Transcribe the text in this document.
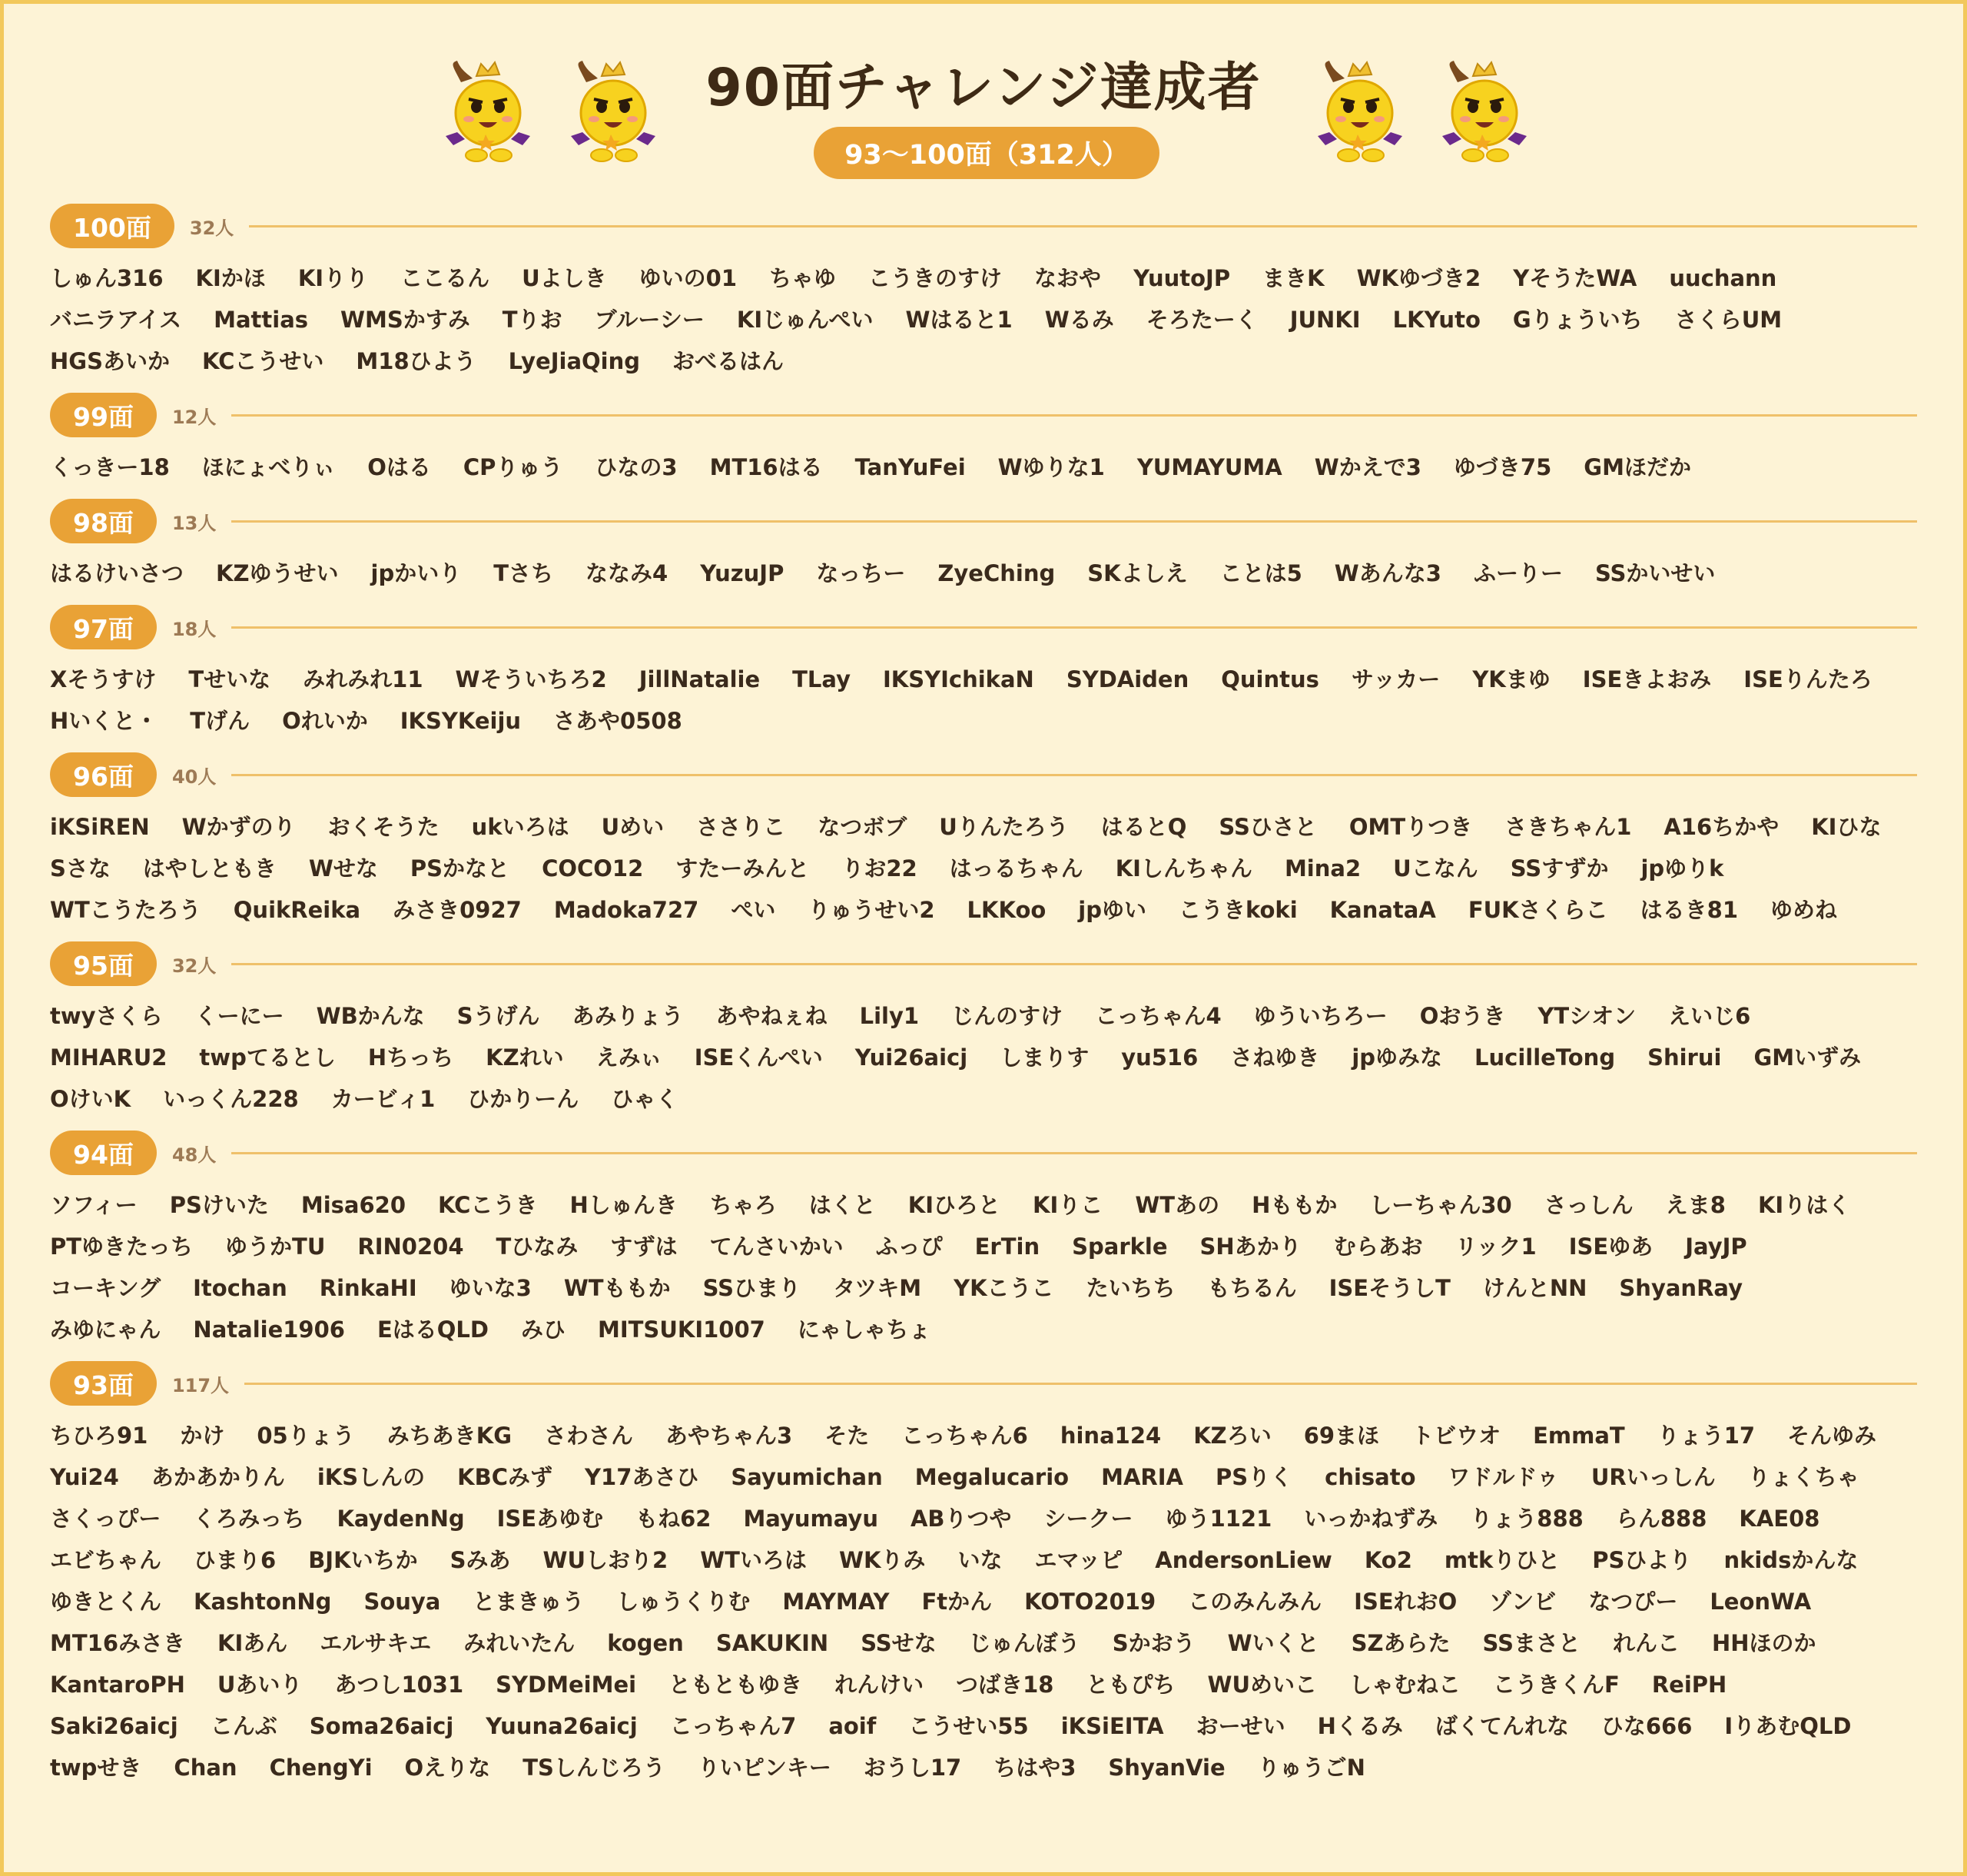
90面チャレンジ達成者
93〜100面（312人）
100面	32人
しゅん316 KIかほ KIりり ここるん Uよしき ゆいの01 ちゃゆ こうきのすけ なおや YuutoJP まきK WKゆづき2 YそうたWA uuchann
バニラアイス Mattias WMSかすみ Tりお ブルーシー KIじゅんぺい Wはると1 Wるみ そろたーく JUNKI LKYuto Gりょういち さくらUM
HGSあいか KCこうせい M18ひよう LyeJiaQing おべるはん
99面	12人
くっきー18 ほにょべりぃ Oはる CPりゅう ひなの3 MT16はる TanYuFei Wゆりな1 YUMAYUMA Wかえで3 ゆづき75 GMほだか
98面	13人
はるけいさつ KZゆうせい jpかいり Tさち ななみ4 YuzuJP なっちー ZyeChing SKよしえ ことは5 Wあんな3 ふーりー SSかいせい
97面	18人
Xそうすけ Tせいな みれみれ11 Wそういちろ2 JillNatalie TLay IKSYIchikaN SYDAiden Quintus サッカー YKまゆ ISEきよおみ ISEりんたろ
Hいくと・ Tげん Oれいか IKSYKeiju さあや0508
96面	40人
iKSiREN Wかずのり おくそうた ukいろは Uめい ささりこ なつボブ Uりんたろう はるとQ SSひさと OMTりつき さきちゃん1 A16ちかや KIひな
Sさな はやしともき Wせな PSかなと COCO12 すたーみんと りお22 はっるちゃん KIしんちゃん Mina2 Uこなん SSすずか jpゆりk
WTこうたろう QuikReika みさき0927 Madoka727 ぺい りゅうせい2 LKKoo jpゆい こうきkoki KanataA FUKさくらこ はるき81 ゆめね
95面	32人
twyさくら くーにー WBかんな Sうげん あみりょう あやねぇね Lily1 じんのすけ こっちゃん4 ゆういちろー Oおうき YTシオン えいじ6
MIHARU2 twpてるとし Hちっち KZれい えみぃ ISEくんぺい Yui26aicj しまりす yu516 さねゆき jpゆみな LucilleTong Shirui GMいずみ
OけいK いっくん228 カービィ1 ひかりーん ひゃく
94面	48人
ソフィー PSけいた Misa620 KCこうき Hしゅんき ちゃろ はくと KIひろと KIりこ WTあの Hももか しーちゃん30 さっしん えま8 KIりはく
PTゆきたっち ゆうかTU RIN0204 Tひなみ すずは てんさいかい ふっぴ ErTin Sparkle SHあかり むらあお リック1 ISEゆあ JayJP
コーキング Itochan RinkaHI ゆいな3 WTももか SSひまり タツキM YKこうこ たいちち もちるん ISEそうしT けんとNN ShyanRay
みゆにゃん Natalie1906 EはるQLD みひ MITSUKI1007 にゃしゃちょ
93面	117人
ちひろ91 かけ 05りょう みちあきKG さわさん あやちゃん3 そた こっちゃん6 hina124 KZろい 69まほ トビウオ EmmaT りょう17 そんゆみ
Yui24 あかあかりん iKSしんの KBCみず Y17あさひ Sayumichan Megalucario MARIA PSりく chisato ワドルドゥ URいっしん りょくちゃ
さくっぴー くろみっち KaydenNg ISEあゆむ もね62 Mayumayu ABりつや シークー ゆう1121 いっかねずみ りょう888 らん888 KAE08
エビちゃん ひまり6 BJKいちか Sみあ WUしおり2 WTいろは WKりみ いな エマッピ AndersonLiew Ko2 mtkりひと PSひより nkidsかんな
ゆきとくん KashtonNg Souya とまきゅう しゅうくりむ MAYMAY Ftかん KOTO2019 このみんみん ISEれおO ゾンビ なつぴー LeonWA
MT16みさき KIあん エルサキエ みれいたん kogen SAKUKIN SSせな じゅんぼう Sかおう Wいくと SZあらた SSまさと れんこ HHほのか
KantaroPH Uあいり あつし1031 SYDMeiMei ともともゆき れんけい つばき18 ともぴち WUめいこ しゃむねこ こうきくんF ReiPH
Saki26aicj こんぶ Soma26aicj Yuuna26aicj こっちゃん7 aoif こうせい55 iKSiEITA おーせい Hくるみ ばくてんれな ひな666 IりあむQLD
twpせき Chan ChengYi Oえりな TSしんじろう りいピンキー おうし17 ちはや3 ShyanVie りゅうごN
